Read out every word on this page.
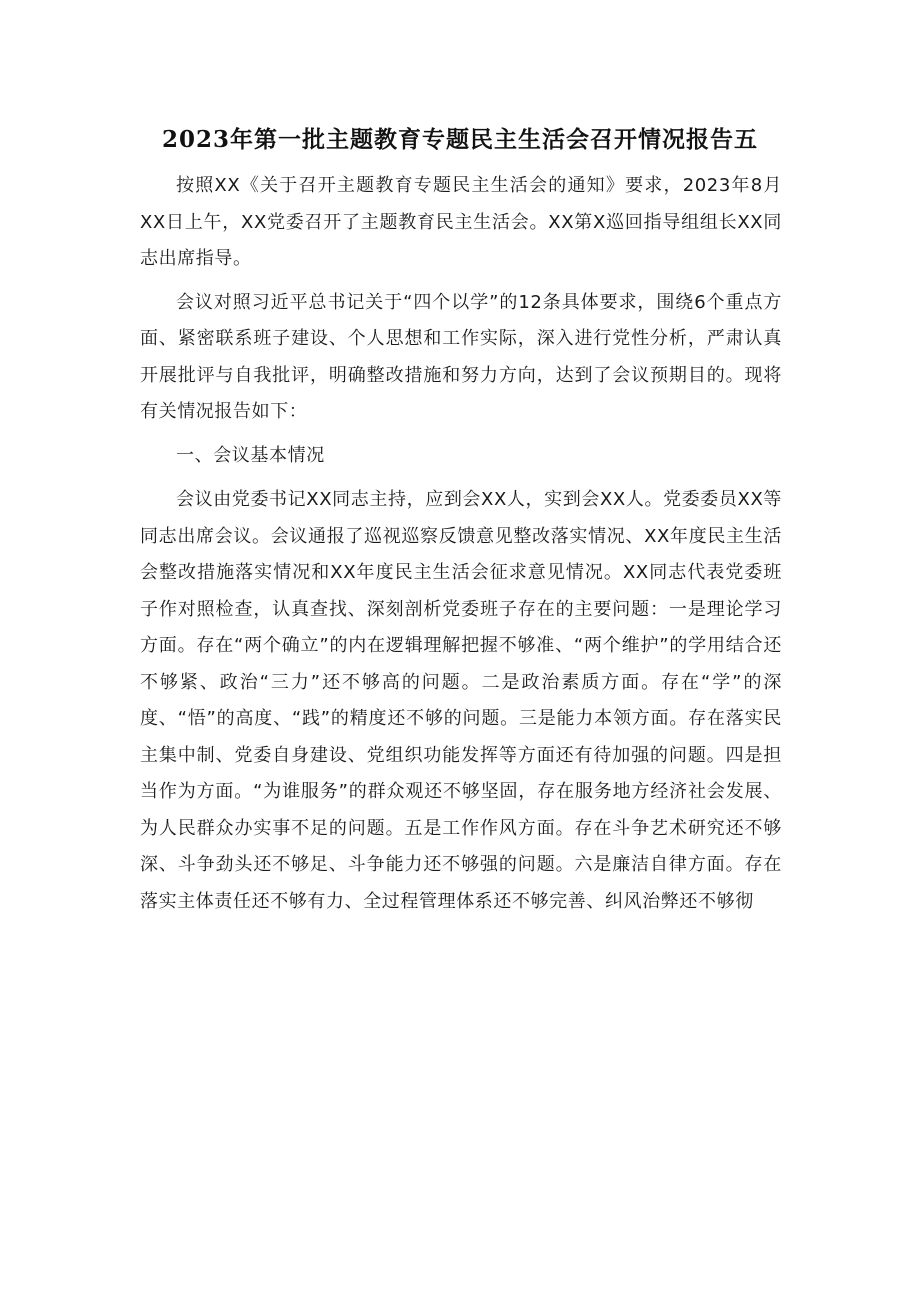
2023年第一批主题教育专题民主生活会召开情况报告五

按照XX《关于召开主题教育专题民主生活会的通知》要求，2023年8月XX日上午，XX党委召开了主题教育民主生活会。XX第X巡回指导组组长XX同志出席指导。

会议对照习近平总书记关于“四个以学”的12条具体要求，围绕6个重点方面、紧密联系班子建设、个人思想和工作实际，深入进行党性分析，严肃认真开展批评与自我批评，明确整改措施和努力方向，达到了会议预期目的。现将有关情况报告如下：

一、会议基本情况

会议由党委书记XX同志主持，应到会XX人，实到会XX人。党委委员XX等同志出席会议。会议通报了巡视巡察反馈意见整改落实情况、XX年度民主生活会整改措施落实情况和XX年度民主生活会征求意见情况。XX同志代表党委班子作对照检查，认真查找、深刻剖析党委班子存在的主要问题：一是理论学习方面。存在“两个确立”的内在逻辑理解把握不够准、“两个维护”的学用结合还不够紧、政治“三力”还不够高的问题。二是政治素质方面。存在“学”的深度、“悟”的高度、“践”的精度还不够的问题。三是能力本领方面。存在落实民主集中制、党委自身建设、党组织功能发挥等方面还有待加强的问题。四是担当作为方面。“为谁服务”的群众观还不够坚固，存在服务地方经济社会发展、为人民群众办实事不足的问题。五是工作作风方面。存在斗争艺术研究还不够深、斗争劲头还不够足、斗争能力还不够强的问题。六是廉洁自律方面。存在落实主体责任还不够有力、全过程管理体系还不够完善、纠风治弊还不够彻
